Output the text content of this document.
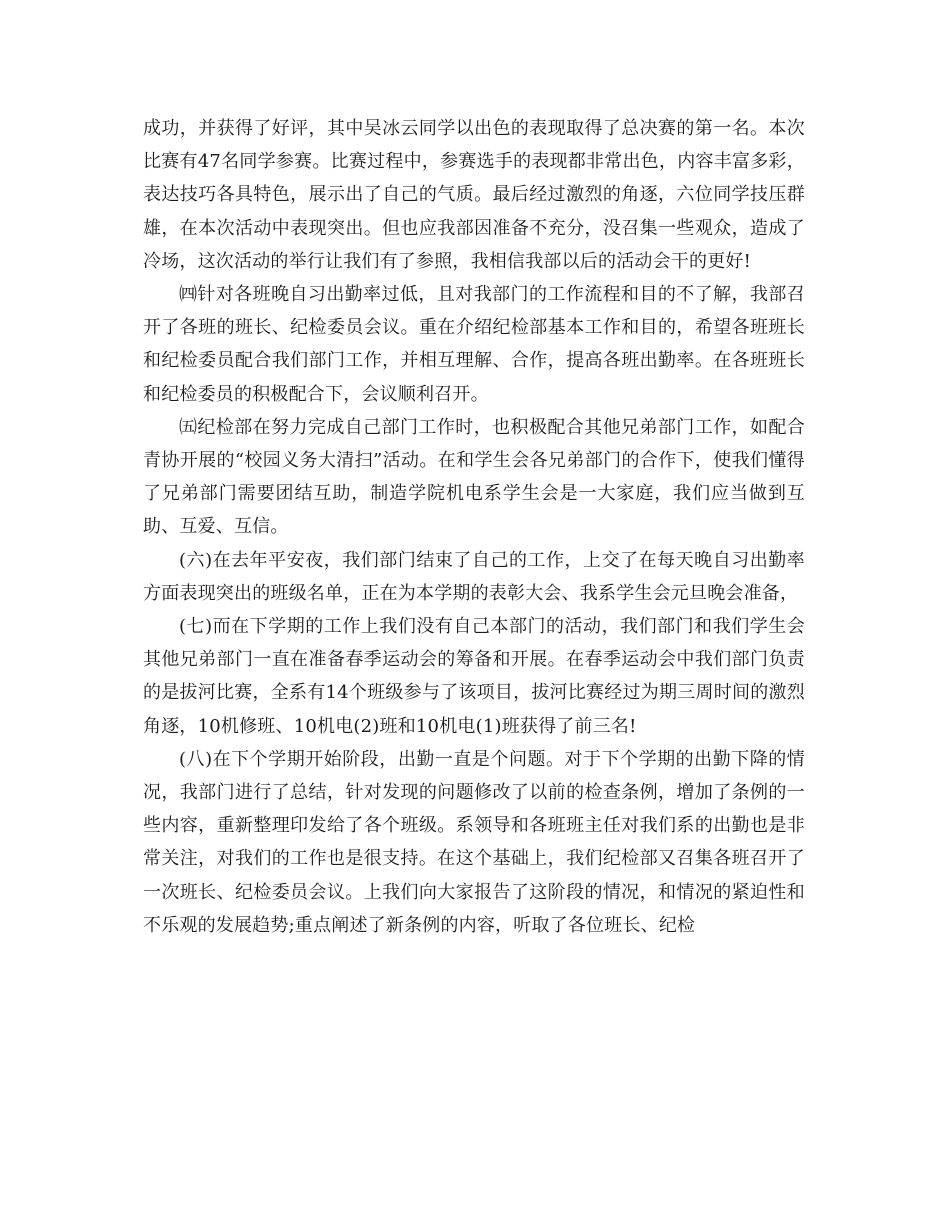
成功，并获得了好评，其中吴冰云同学以出色的表现取得了总决赛的第一名。本次比赛有47名同学参赛。比赛过程中，参赛选手的表现都非常出色，内容丰富多彩，表达技巧各具特色，展示出了自己的气质。最后经过激烈的角逐，六位同学技压群雄，在本次活动中表现突出。但也应我部因准备不充分，没召集一些观众，造成了冷场，这次活动的举行让我们有了参照，我相信我部以后的活动会干的更好!

㈣针对各班晚自习出勤率过低，且对我部门的工作流程和目的不了解，我部召开了各班的班长、纪检委员会议。重在介绍纪检部基本工作和目的，希望各班班长和纪检委员配合我们部门工作，并相互理解、合作，提高各班出勤率。在各班班长和纪检委员的积极配合下，会议顺利召开。

㈤纪检部在努力完成自己部门工作时，也积极配合其他兄弟部门工作，如配合青协开展的“校园义务大清扫”活动。在和学生会各兄弟部门的合作下，使我们懂得了兄弟部门需要团结互助，制造学院机电系学生会是一大家庭，我们应当做到互助、互爱、互信。

(六)在去年平安夜，我们部门结束了自己的工作，上交了在每天晚自习出勤率方面表现突出的班级名单，正在为本学期的表彰大会、我系学生会元旦晚会准备，

(七)而在下学期的工作上我们没有自己本部门的活动，我们部门和我们学生会其他兄弟部门一直在准备春季运动会的筹备和开展。在春季运动会中我们部门负责的是拔河比赛，全系有14个班级参与了该项目，拔河比赛经过为期三周时间的激烈角逐，10机修班、10机电(2)班和10机电(1)班获得了前三名!

(八)在下个学期开始阶段，出勤一直是个问题。对于下个学期的出勤下降的情况，我部门进行了总结，针对发现的问题修改了以前的检查条例，增加了条例的一些内容，重新整理印发给了各个班级。系领导和各班班主任对我们系的出勤也是非常关注，对我们的工作也是很支持。在这个基础上，我们纪检部又召集各班召开了一次班长、纪检委员会议。上我们向大家报告了这阶段的情况，和情况的紧迫性和不乐观的发展趋势;重点阐述了新条例的内容，听取了各位班长、纪检
